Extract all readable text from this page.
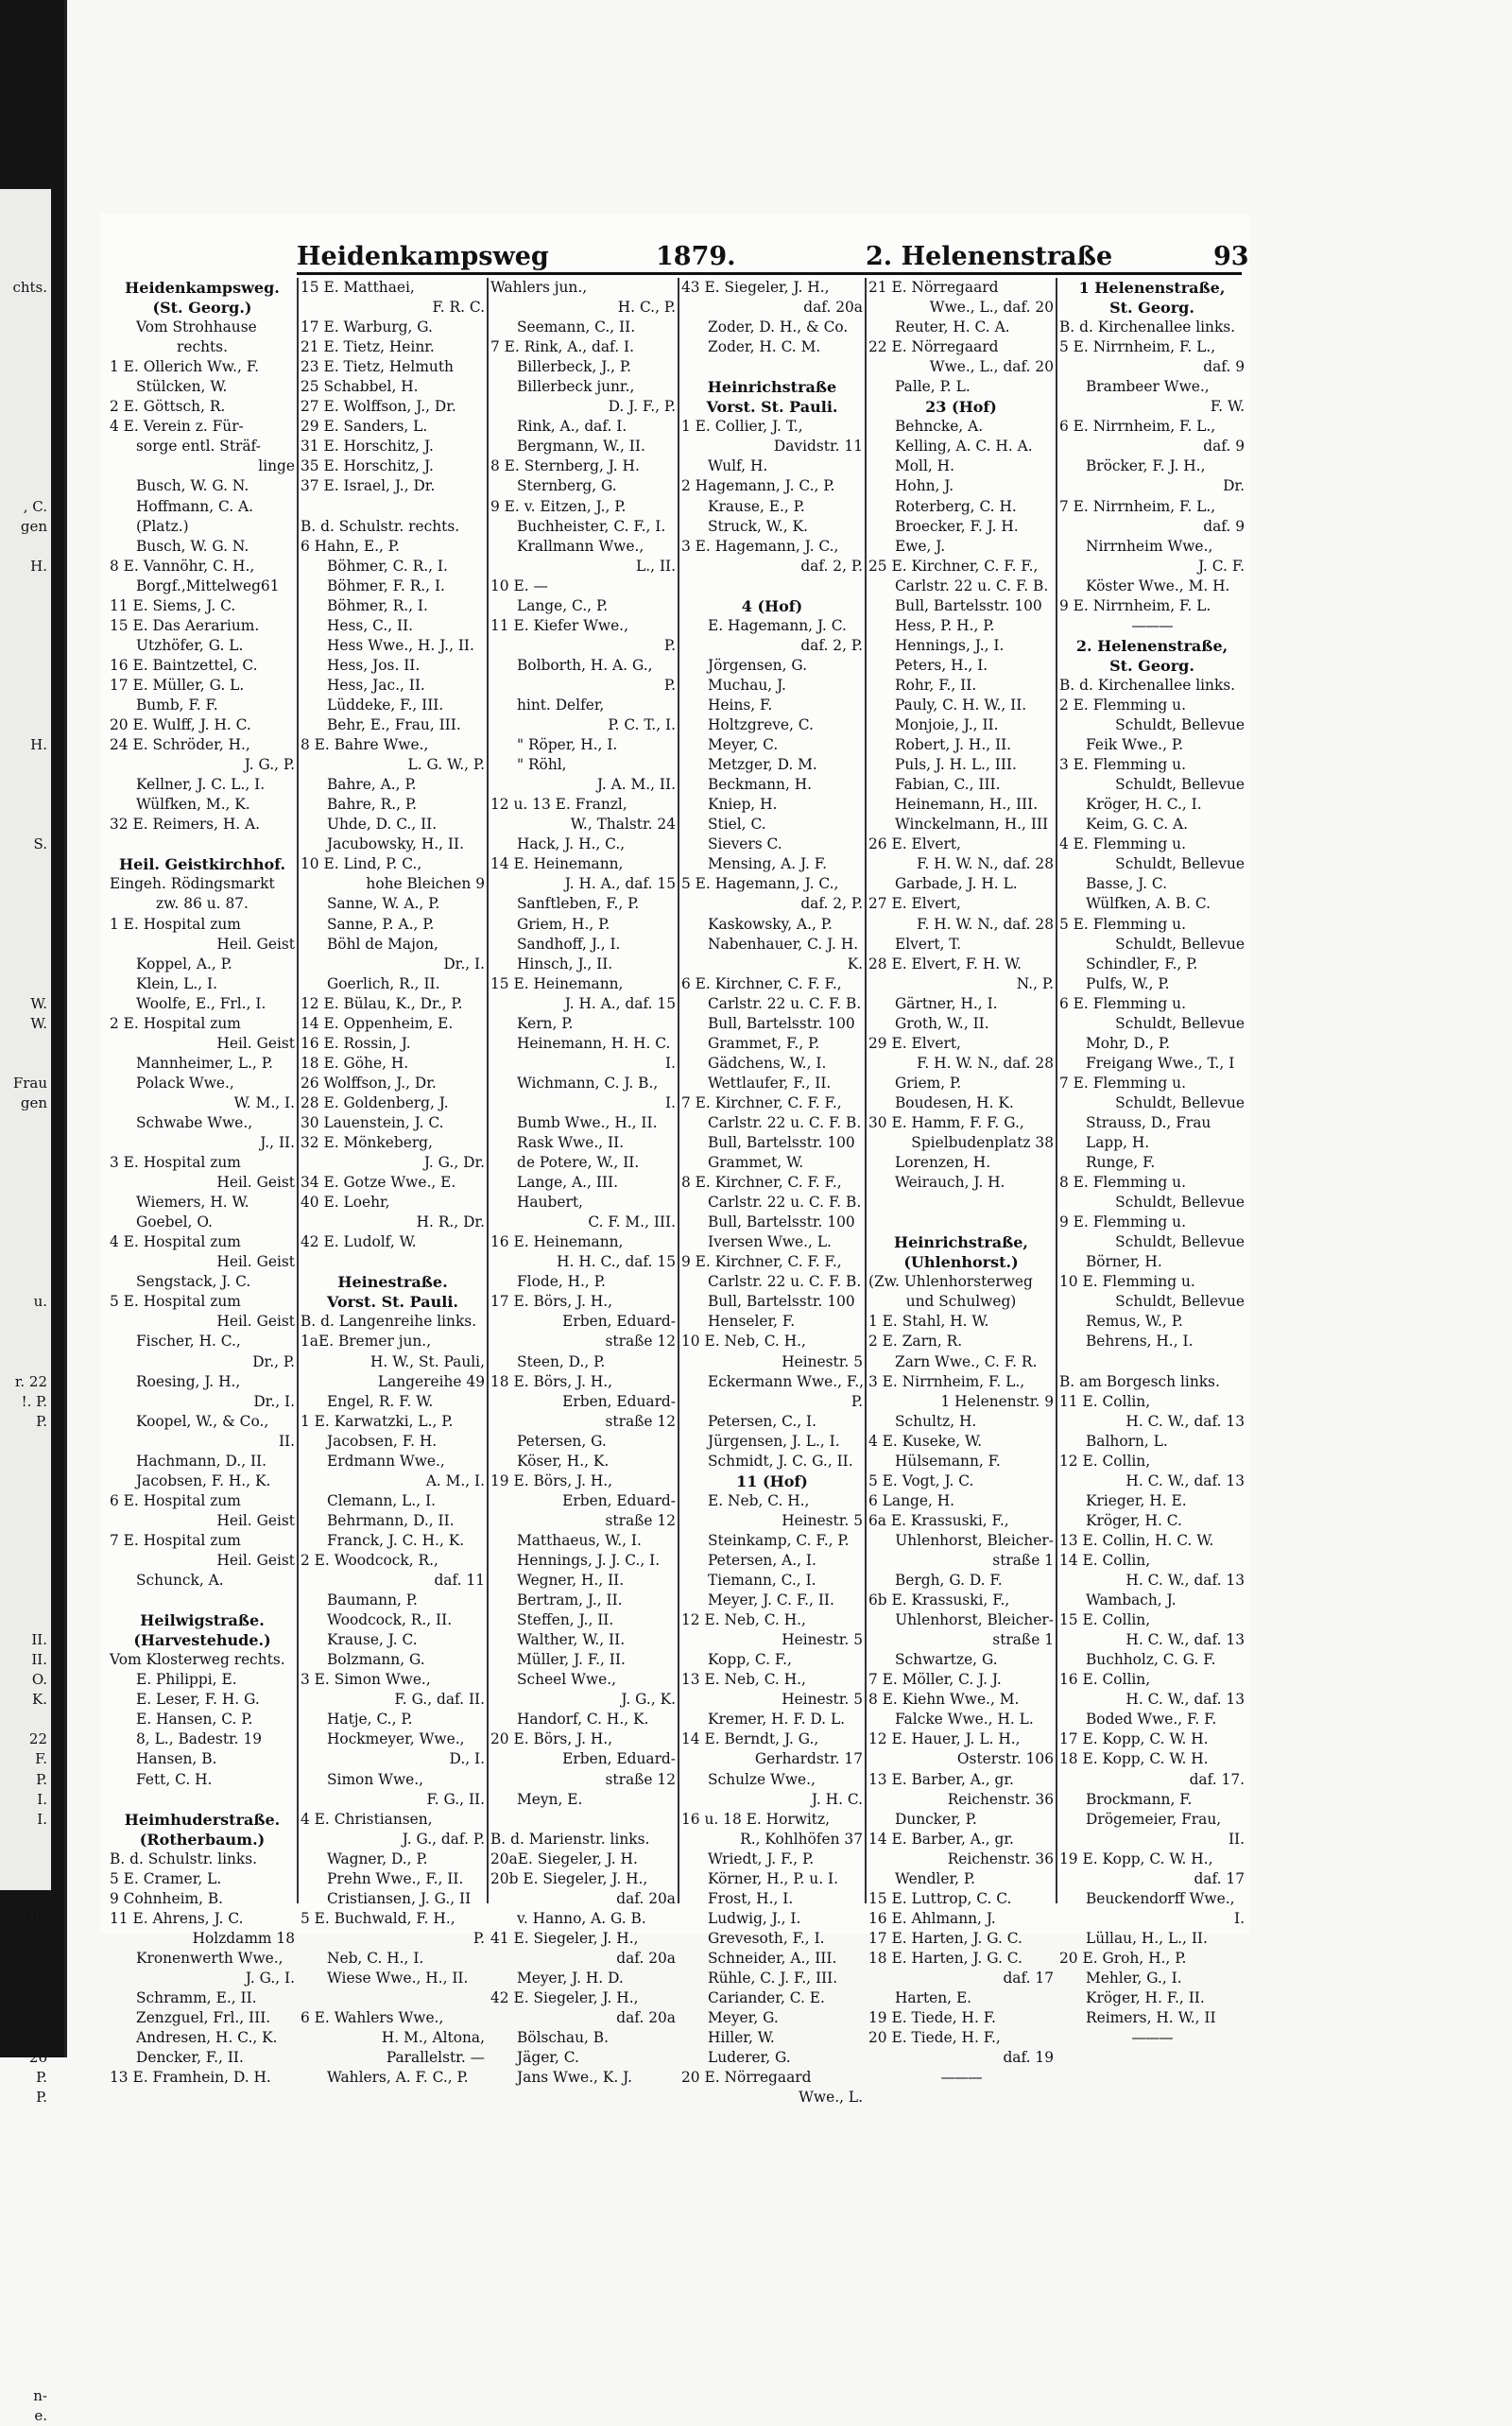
chts.

, C.
gen

H.

H.

S.

W.
W.

Frau
gen

u.

r. 22
!. P.
P.

II.
II.
O.
K.

22
F.
P.
I.
I.

III.

2
L
IV

26
P.
P.

n-
e.
Heidenkampsweg	1879.	2. Helenenstraße	93
Heidenkampsweg.
(St. Georg.)
Vom Strohhause
rechts.
1 E. Ollerich Ww., F.
Stülcken, W.
2 E. Göttsch, R.
4 E. Verein z. Für-
sorge entl. Sträf-
linge
Busch, W. G. N.
Hoffmann, C. A.
(Platz.)
Busch, W. G. N.
8 E. Vannöhr, C. H.,
Borgf.,Mittelweg61
11 E. Siems, J. C.
15 E. Das Aerarium.
Utzhöfer, G. L.
16 E. Baintzettel, C.
17 E. Müller, G. L.
Bumb, F. F.
20 E. Wulff, J. H. C.
24 E. Schröder, H.,
J. G., P.
Kellner, J. C. L., I.
Wülfken, M., K.
32 E. Reimers, H. A.

Heil. Geistkirchhof.
Eingeh. Rödingsmarkt
zw. 86 u. 87.
1 E. Hospital zum
Heil. Geist
Koppel, A., P.
Klein, L., I.
Woolfe, E., Frl., I.
2 E. Hospital zum
Heil. Geist
Mannheimer, L., P.
Polack Wwe.,
W. M., I.
Schwabe Wwe.,
J., II.
3 E. Hospital zum
Heil. Geist
Wiemers, H. W.
Goebel, O.
4 E. Hospital zum
Heil. Geist
Sengstack, J. C.
5 E. Hospital zum
Heil. Geist
Fischer, H. C.,
Dr., P.
Roesing, J. H.,
Dr., I.
Koopel, W., & Co.,
II.
Hachmann, D., II.
Jacobsen, F. H., K.
6 E. Hospital zum
Heil. Geist
7 E. Hospital zum
Heil. Geist
Schunck, A.

Heilwigstraße.
(Harvestehude.)
Vom Klosterweg rechts.
E. Philippi, E.
E. Leser, F. H. G.
E. Hansen, C. P.
8, L., Badestr. 19
Hansen, B.
Fett, C. H.

Heimhuderstraße.
(Rotherbaum.)
B. d. Schulstr. links.
5 E. Cramer, L.
9 Cohnheim, B.
11 E. Ahrens, J. C.
Holzdamm 18
Kronenwerth Wwe.,
J. G., I.
Schramm, E., II.
Zenzguel, Frl., III.
Andresen, H. C., K.
Dencker, F., II.
13 E. Framhein, D. H.
15 E. Matthaei,
F. R. C.
17 E. Warburg, G.
21 E. Tietz, Heinr.
23 E. Tietz, Helmuth
25 Schabbel, H.
27 E. Wolffson, J., Dr.
29 E. Sanders, L.
31 E. Horschitz, J.
35 E. Horschitz, J.
37 E. Israel, J., Dr.

B. d. Schulstr. rechts.
6 Hahn, E., P.
Böhmer, C. R., I.
Böhmer, F. R., I.
Böhmer, R., I.
Hess, C., II.
Hess Wwe., H. J., II.
Hess, Jos. II.
Hess, Jac., II.
Lüddeke, F., III.
Behr, E., Frau, III.
8 E. Bahre Wwe.,
L. G. W., P.
Bahre, A., P.
Bahre, R., P.
Uhde, D. C., II.
Jacubowsky, H., II.
10 E. Lind, P. C.,
hohe Bleichen 9
Sanne, W. A., P.
Sanne, P. A., P.
Böhl de Majon,
Dr., I.
Goerlich, R., II.
12 E. Bülau, K., Dr., P.
14 E. Oppenheim, E.
16 E. Rossin, J.
18 E. Göhe, H.
26 Wolffson, J., Dr.
28 E. Goldenberg, J.
30 Lauenstein, J. C.
32 E. Mönkeberg,
J. G., Dr.
34 E. Gotze Wwe., E.
40 E. Loehr,
H. R., Dr.
42 E. Ludolf, W.

Heinestraße.
Vorst. St. Pauli.
B. d. Langenreihe links.
1aE. Bremer jun.,
H. W., St. Pauli,
Langereihe 49
Engel, R. F. W.
1 E. Karwatzki, L., P.
Jacobsen, F. H.
Erdmann Wwe.,
A. M., I.
Clemann, L., I.
Behrmann, D., II.
Franck, J. C. H., K.
2 E. Woodcock, R.,
daf. 11
Baumann, P.
Woodcock, R., II.
Krause, J. C.
Bolzmann, G.
3 E. Simon Wwe.,
F. G., daf. II.
Hatje, C., P.
Hockmeyer, Wwe.,
D., I.
Simon Wwe.,
F. G., II.
4 E. Christiansen,
J. G., daf. P.
Wagner, D., P.
Prehn Wwe., F., II.
Cristiansen, J. G., II
5 E. Buchwald, F. H.,
P.
Neb, C. H., I.
Wiese Wwe., H., II.

6 E. Wahlers Wwe.,
H. M., Altona,
Parallelstr. —
Wahlers, A. F. C., P.
Wahlers jun.,
H. C., P.
Seemann, C., II.
7 E. Rink, A., daf. I.
Billerbeck, J., P.
Billerbeck junr.,
D. J. F., P.
Rink, A., daf. I.
Bergmann, W., II.
8 E. Sternberg, J. H.
Sternberg, G.
9 E. v. Eitzen, J., P.
Buchheister, C. F., I.
Krallmann Wwe.,
L., II.
10 E. —
Lange, C., P.
11 E. Kiefer Wwe.,
P.
Bolborth, H. A. G.,
P.
hint. Delfer,
P. C. T., I.
" Röper, H., I.
" Röhl,
J. A. M., II.
12 u. 13 E. Franzl,
W., Thalstr. 24
Hack, J. H., C.,
14 E. Heinemann,
J. H. A., daf. 15
Sanftleben, F., P.
Griem, H., P.
Sandhoff, J., I.
Hinsch, J., II.
15 E. Heinemann,
J. H. A., daf. 15
Kern, P.
Heinemann, H. H. C.
I.
Wichmann, C. J. B.,
I.
Bumb Wwe., H., II.
Rask Wwe., II.
de Potere, W., II.
Lange, A., III.
Haubert,
C. F. M., III.
16 E. Heinemann,
H. H. C., daf. 15
Flode, H., P.
17 E. Börs, J. H.,
Erben, Eduard-
straße 12
Steen, D., P.
18 E. Börs, J. H.,
Erben, Eduard-
straße 12
Petersen, G.
Köser, H., K.
19 E. Börs, J. H.,
Erben, Eduard-
straße 12
Matthaeus, W., I.
Hennings, J. J. C., I.
Wegner, H., II.
Bertram, J., II.
Steffen, J., II.
Walther, W., II.
Müller, J. F., II.
Scheel Wwe.,
J. G., K.
Handorf, C. H., K.
20 E. Börs, J. H.,
Erben, Eduard-
straße 12
Meyn, E.

B. d. Marienstr. links.
20aE. Siegeler, J. H.
20b E. Siegeler, J. H.,
daf. 20a
v. Hanno, A. G. B.
41 E. Siegeler, J. H.,
daf. 20a
Meyer, J. H. D.
42 E. Siegeler, J. H.,
daf. 20a
Bölschau, B.
Jäger, C.
Jans Wwe., K. J.
43 E. Siegeler, J. H.,
daf. 20a
Zoder, D. H., & Co.
Zoder, H. C. M.

Heinrichstraße
Vorst. St. Pauli.
1 E. Collier, J. T.,
Davidstr. 11
Wulf, H.
2 Hagemann, J. C., P.
Krause, E., P.
Struck, W., K.
3 E. Hagemann, J. C.,
daf. 2, P.

4 (Hof)
E. Hagemann, J. C.
daf. 2, P.
Jörgensen, G.
Muchau, J.
Heins, F.
Holtzgreve, C.
Meyer, C.
Metzger, D. M.
Beckmann, H.
Kniep, H.
Stiel, C.
Sievers C.
Mensing, A. J. F.
5 E. Hagemann, J. C.,
daf. 2, P.
Kaskowsky, A., P.
Nabenhauer, C. J. H.
K.
6 E. Kirchner, C. F. F.,
Carlstr. 22 u. C. F. B.
Bull, Bartelsstr. 100
Grammet, F., P.
Gädchens, W., I.
Wettlaufer, F., II.
7 E. Kirchner, C. F. F.,
Carlstr. 22 u. C. F. B.
Bull, Bartelsstr. 100
Grammet, W.
8 E. Kirchner, C. F. F.,
Carlstr. 22 u. C. F. B.
Bull, Bartelsstr. 100
Iversen Wwe., L.
9 E. Kirchner, C. F. F.,
Carlstr. 22 u. C. F. B.
Bull, Bartelsstr. 100
Henseler, F.
10 E. Neb, C. H.,
Heinestr. 5
Eckermann Wwe., F.,
P.
Petersen, C., I.
Jürgensen, J. L., I.
Schmidt, J. C. G., II.
11 (Hof)
E. Neb, C. H.,
Heinestr. 5
Steinkamp, C. F., P.
Petersen, A., I.
Tiemann, C., I.
Meyer, J. C. F., II.
12 E. Neb, C. H.,
Heinestr. 5
Kopp, C. F.,
13 E. Neb, C. H.,
Heinestr. 5
Kremer, H. F. D. L.
14 E. Berndt, J. G.,
Gerhardstr. 17
Schulze Wwe.,
J. H. C.
16 u. 18 E. Horwitz,
R., Kohlhöfen 37
Wriedt, J. F., P.
Körner, H., P. u. I.
Frost, H., I.
Ludwig, J., I.
Grevesoth, F., I.
Schneider, A., III.
Rühle, C. J. F., III.
Cariander, C. E.
Meyer, G.
Hiller, W.
Luderer, G.
20 E. Nörregaard
Wwe., L.
21 E. Nörregaard
Wwe., L., daf. 20
Reuter, H. C. A.
22 E. Nörregaard
Wwe., L., daf. 20
Palle, P. L.
23 (Hof)
Behncke, A.
Kelling, A. C. H. A.
Moll, H.
Hohn, J.
Roterberg, C. H.
Broecker, F. J. H.
Ewe, J.
25 E. Kirchner, C. F. F.,
Carlstr. 22 u. C. F. B.
Bull, Bartelsstr. 100
Hess, P. H., P.
Hennings, J., I.
Peters, H., I.
Rohr, F., II.
Pauly, C. H. W., II.
Monjoie, J., II.
Robert, J. H., II.
Puls, J. H. L., III.
Fabian, C., III.
Heinemann, H., III.
Winckelmann, H., III
26 E. Elvert,
F. H. W. N., daf. 28
Garbade, J. H. L.
27 E. Elvert,
F. H. W. N., daf. 28
Elvert, T.
28 E. Elvert, F. H. W.
N., P.
Gärtner, H., I.
Groth, W., II.
29 E. Elvert,
F. H. W. N., daf. 28
Griem, P.
Boudesen, H. K.
30 E. Hamm, F. F. G.,
Spielbudenplatz 38
Lorenzen, H.
Weirauch, J. H.

Heinrichstraße,
(Uhlenhorst.)
(Zw. Uhlenhorsterweg
und Schulweg)
1 E. Stahl, H. W.
2 E. Zarn, R.
Zarn Wwe., C. F. R.
3 E. Nirrnheim, F. L.,
1 Helenenstr. 9
Schultz, H.
4 E. Kuseke, W.
Hülsemann, F.
5 E. Vogt, J. C.
6 Lange, H.
6a E. Krassuski, F.,
Uhlenhorst, Bleicher-
straße 1
Bergh, G. D. F.
6b E. Krassuski, F.,
Uhlenhorst, Bleicher-
straße 1
Schwartze, G.
7 E. Möller, C. J. J.
8 E. Kiehn Wwe., M.
Falcke Wwe., H. L.
12 E. Hauer, J. L. H.,
Osterstr. 106
13 E. Barber, A., gr.
Reichenstr. 36
Duncker, P.
14 E. Barber, A., gr.
Reichenstr. 36
Wendler, P.
15 E. Luttrop, C. C.
16 E. Ahlmann, J.
17 E. Harten, J. G. C.
18 E. Harten, J. G. C.
daf. 17
Harten, E.
19 E. Tiede, H. F.
20 E. Tiede, H. F.,
daf. 19
———
1 Helenenstraße,
St. Georg.
B. d. Kirchenallee links.
5 E. Nirrnheim, F. L.,
daf. 9
Brambeer Wwe.,
F. W.
6 E. Nirrnheim, F. L.,
daf. 9
Bröcker, F. J. H.,
Dr.
7 E. Nirrnheim, F. L.,
daf. 9
Nirrnheim Wwe.,
J. C. F.
Köster Wwe., M. H.
9 E. Nirrnheim, F. L.
———
2. Helenenstraße,
St. Georg.
B. d. Kirchenallee links.
2 E. Flemming u.
Schuldt, Bellevue
Feik Wwe., P.
3 E. Flemming u.
Schuldt, Bellevue
Kröger, H. C., I.
Keim, G. C. A.
4 E. Flemming u.
Schuldt, Bellevue
Basse, J. C.
Wülfken, A. B. C.
5 E. Flemming u.
Schuldt, Bellevue
Schindler, F., P.
Pulfs, W., P.
6 E. Flemming u.
Schuldt, Bellevue
Mohr, D., P.
Freigang Wwe., T., I
7 E. Flemming u.
Schuldt, Bellevue
Strauss, D., Frau
Lapp, H.
Runge, F.
8 E. Flemming u.
Schuldt, Bellevue
9 E. Flemming u.
Schuldt, Bellevue
Börner, H.
10 E. Flemming u.
Schuldt, Bellevue
Remus, W., P.
Behrens, H., I.

B. am Borgesch links.
11 E. Collin,
H. C. W., daf. 13
Balhorn, L.
12 E. Collin,
H. C. W., daf. 13
Krieger, H. E.
Kröger, H. C.
13 E. Collin, H. C. W.
14 E. Collin,
H. C. W., daf. 13
Wambach, J.
15 E. Collin,
H. C. W., daf. 13
Buchholz, C. G. F.
16 E. Collin,
H. C. W., daf. 13
Boded Wwe., F. F.
17 E. Kopp, C. W. H.
18 E. Kopp, C. W. H.
daf. 17.
Brockmann, F.
Drögemeier, Frau,
II.
19 E. Kopp, C. W. H.,
daf. 17
Beuckendorff Wwe.,
I.
Lüllau, H., L., II.
20 E. Groh, H., P.
Mehler, G., I.
Kröger, H. F., II.
Reimers, H. W., II
———
